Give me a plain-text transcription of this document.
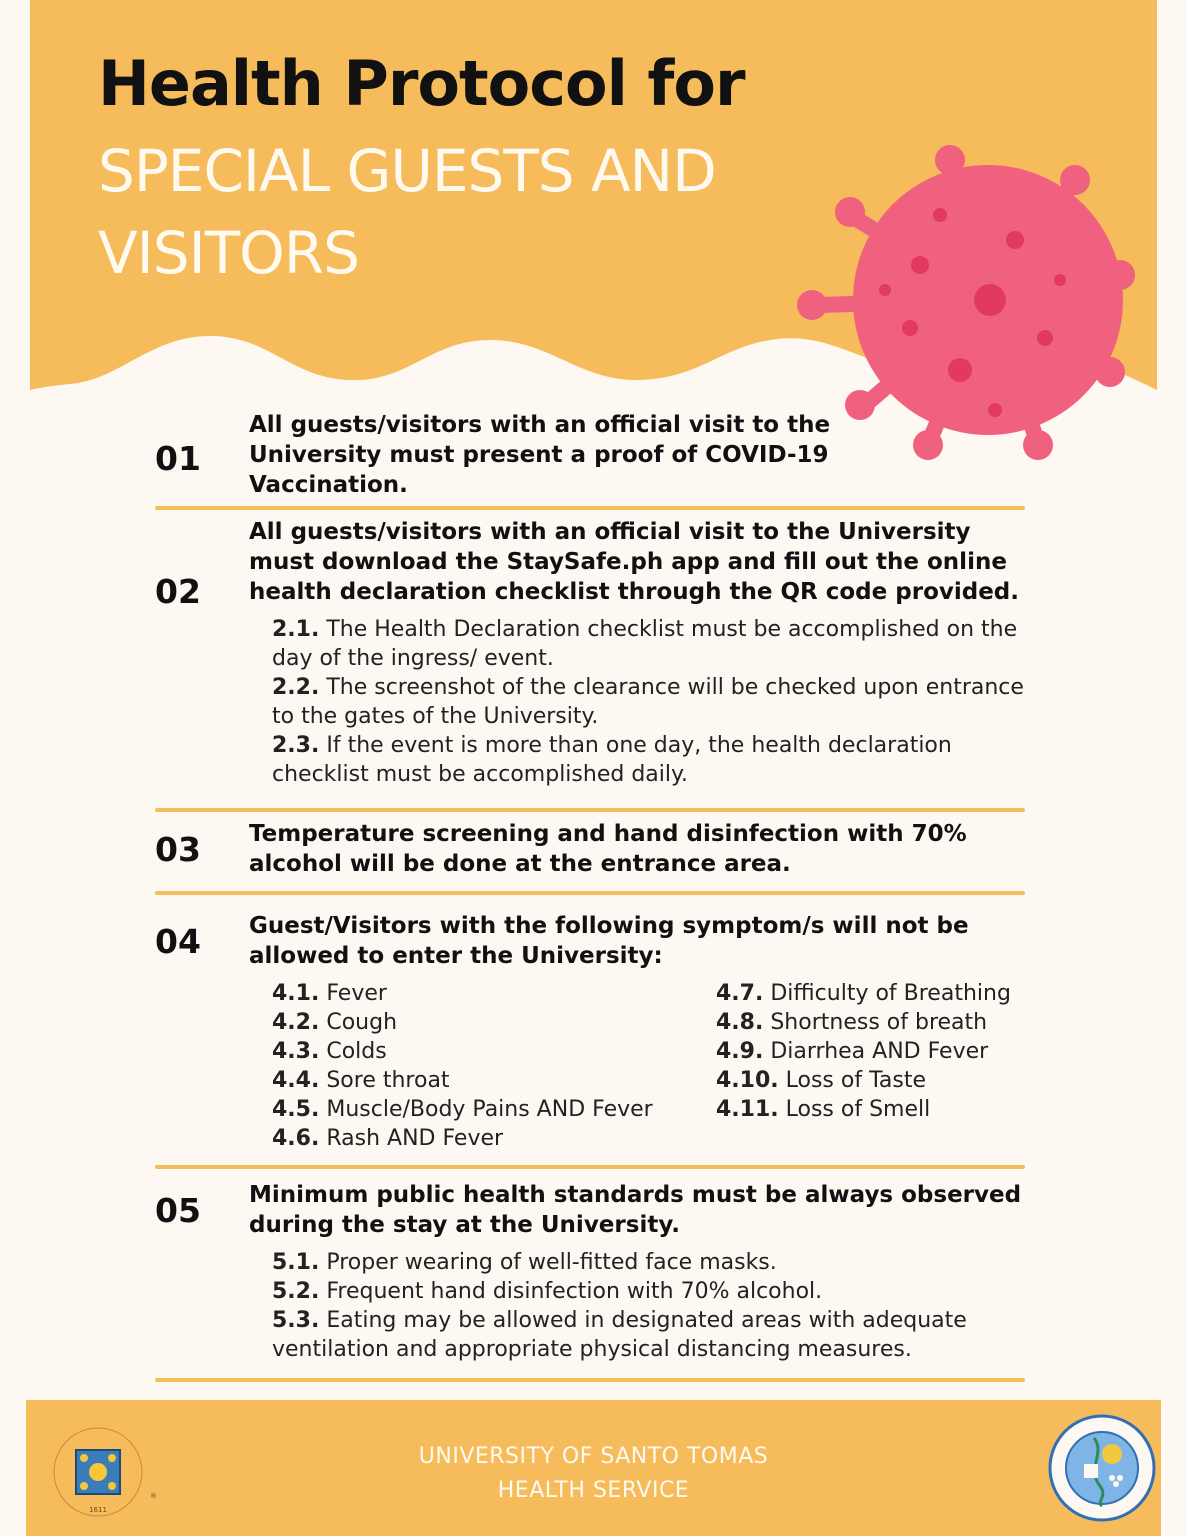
Health Protocol for
SPECIAL GUESTS AND VISITORS
01

All guests/visitors with an official visit to the University must present a proof of COVID-19 Vaccination.

02

All guests/visitors with an official visit to the University must download the StaySafe.ph app and fill out the online health declaration checklist through the QR code provided.

2.1. The Health Declaration checklist must be accomplished on the day of the ingress/ event.
2.2. The screenshot of the clearance will be checked upon entrance to the gates of the University.
2.3. If the event is more than one day, the health declaration checklist must be accomplished daily.
03 Temperature screening and hand disinfection with 70% alcohol will be done at the entrance area.

04 Guest/Visitors with the following symptom/s will not be allowed to enter the University:

4.1. Fever
4.2. Cough
4.3. Colds
4.4. Sore throat
4.5. Muscle/Body Pains AND Fever
4.6. Rash AND Fever
4.7. Difficulty of Breathing
4.8. Shortness of breath
4.9. Diarrhea AND Fever
4.10. Loss of Taste
4.11. Loss of Smell
05 Minimum public health standards must be always observed during the stay at the University.

5.1. Proper wearing of well-fitted face masks.
5.2. Frequent hand disinfection with 70% alcohol.
5.3. Eating may be allowed in designated areas with adequate ventilation and appropriate physical distancing measures.
1611
®
UNIVERSITY OF SANTO TOMAS
HEALTH SERVICE
